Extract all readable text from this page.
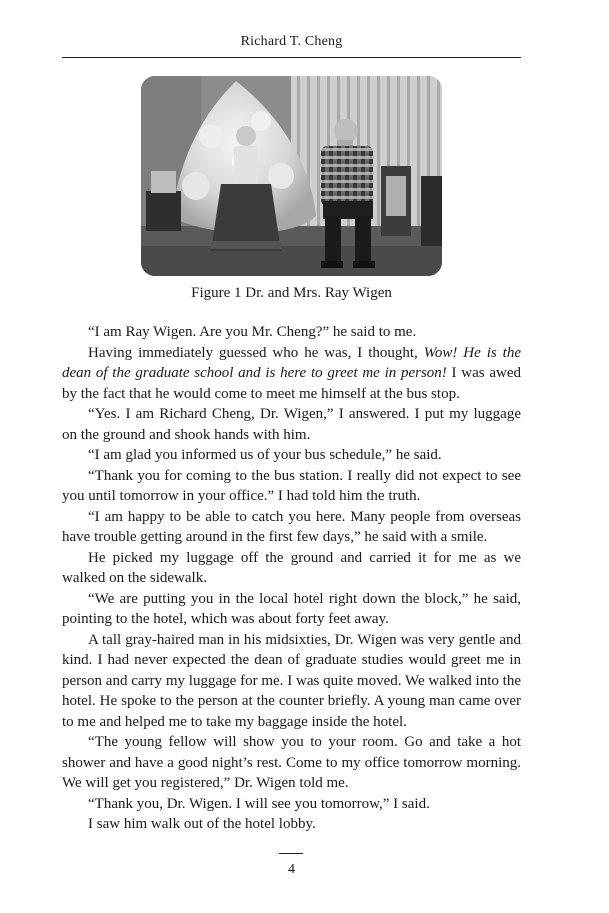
Richard T. Cheng
Figure 1 Dr. and Mrs. Ray Wigen

“I am Ray Wigen. Are you Mr. Cheng?” he said to me.

Having immediately guessed who he was, I thought, Wow! He is the dean of the graduate school and is here to greet me in person! I was awed by the fact that he would come to meet me himself at the bus stop.

“Yes. I am Richard Cheng, Dr. Wigen,” I answered. I put my luggage on the ground and shook hands with him.

“I am glad you informed us of your bus schedule,” he said.

“Thank you for coming to the bus station. I really did not expect to see you until tomorrow in your office.” I had told him the truth.

“I am happy to be able to catch you here. Many people from overseas have trouble getting around in the first few days,” he said with a smile.

He picked my luggage off the ground and carried it for me as we walked on the sidewalk.

“We are putting you in the local hotel right down the block,” he said, pointing to the hotel, which was about forty feet away.

A tall gray-haired man in his midsixties, Dr. Wigen was very gentle and kind. I had never expected the dean of graduate studies would greet me in person and carry my luggage for me. I was quite moved. We walked into the hotel. He spoke to the person at the counter briefly. A young man came over to me and helped me to take my baggage inside the hotel.

“The young fellow will show you to your room. Go and take a hot shower and have a good night’s rest. Come to my office tomorrow morning. We will get you registered,” Dr. Wigen told me.

“Thank you, Dr. Wigen. I will see you tomorrow,” I said.

I saw him walk out of the hotel lobby.

4
